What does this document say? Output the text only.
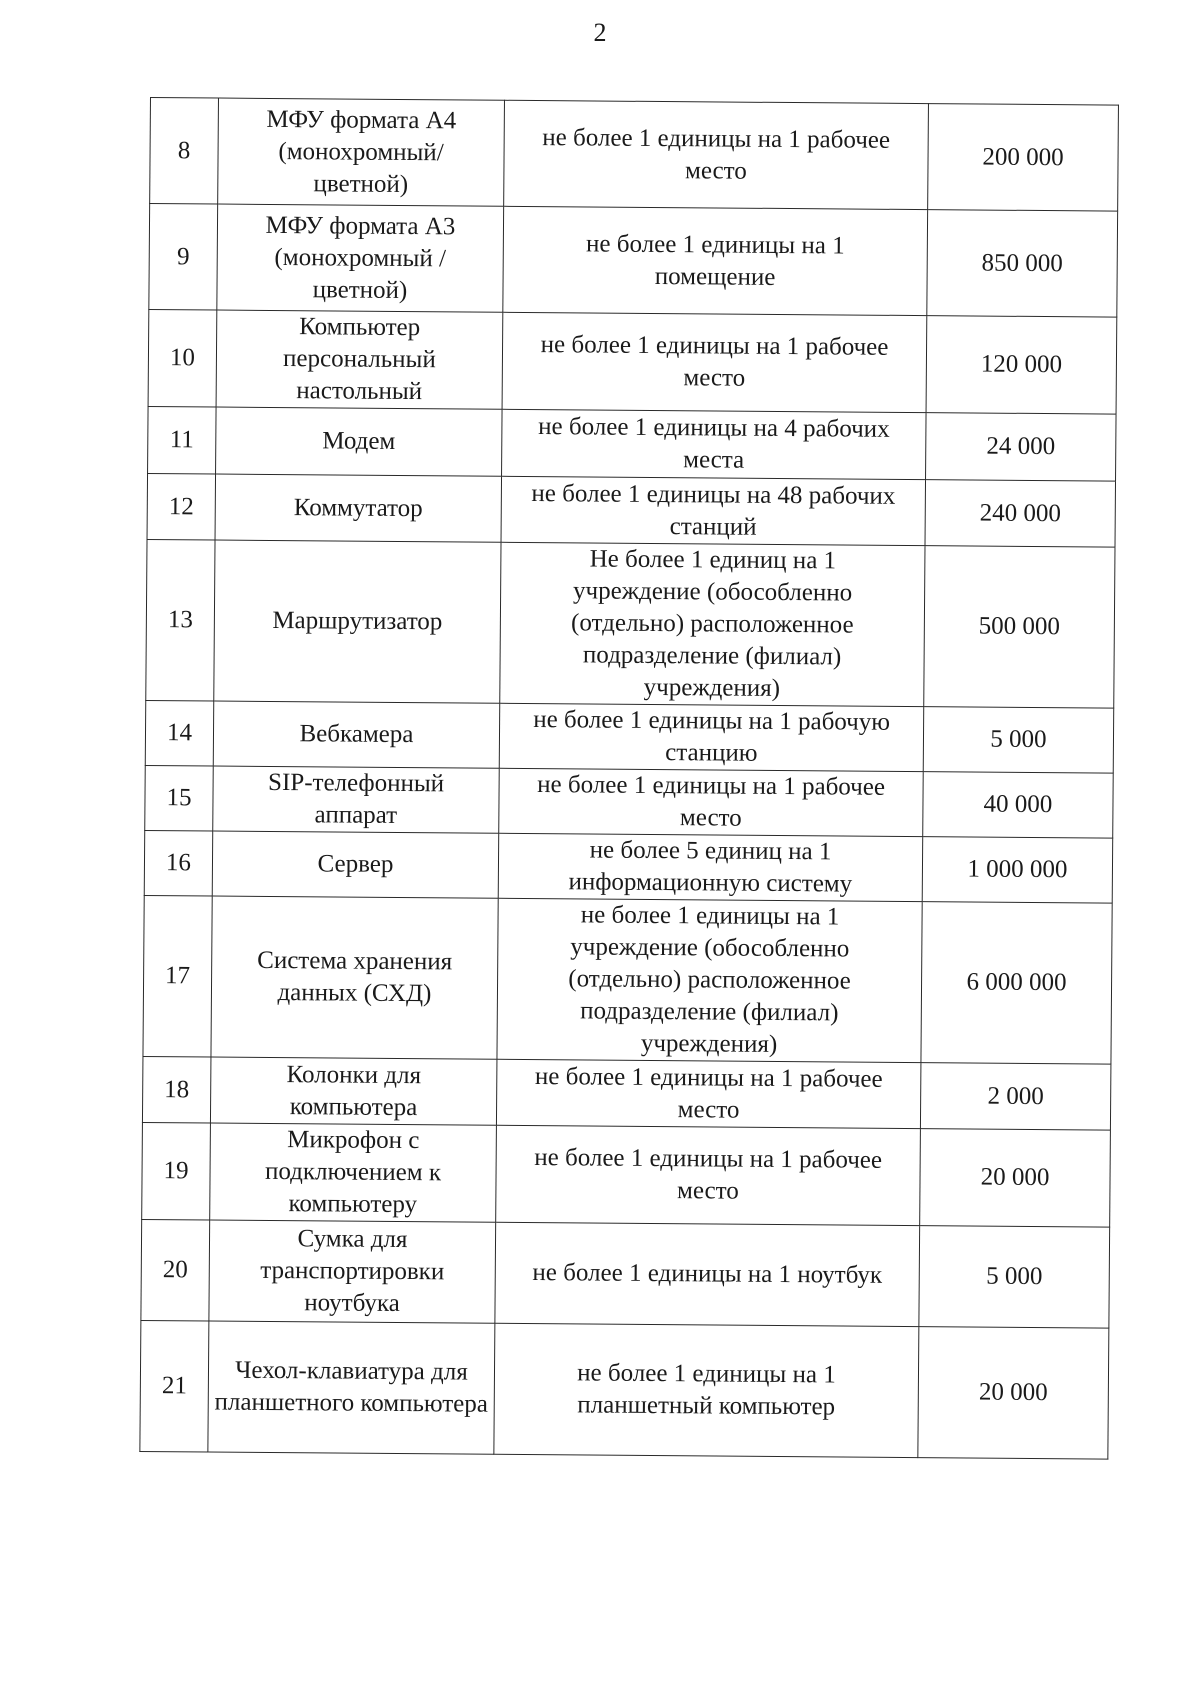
2
8	МФУ формата А4 (монохромный/ цветной)	не более 1 единицы на 1 рабочее место	200 000
9	МФУ формата А3 (монохромный /цветной)	не более 1 единицы на 1 помещение	850 000
10	Компьютер персональный настольный	не более 1 единицы на 1 рабочее место	120 000
11	Модем	не более 1 единицы на 4 рабочих места	24 000
12	Коммутатор	не более 1 единицы на 48 рабочих станций	240 000
13	Маршрутизатор	Не более 1 единиц на 1 учреждение (обособленно (отдельно) расположенное подразделение (филиал) учреждения)	500 000
14	Вебкамера	не более 1 единицы на 1 рабочую станцию	5 000
15	SIP-телефонный аппарат	не более 1 единицы на 1 рабочее место	40 000
16	Сервер	не более 5 единиц на 1 информационную систему	1 000 000
17	Система хранения данных (СХД)	не более 1 единицы на 1 учреждение (обособленно (отдельно) расположенное подразделение (филиал) учреждения)	6 000 000
18	Колонки для компьютера	не более 1 единицы на 1 рабочее место	2 000
19	Микрофон с подключением к компьютеру	не более 1 единицы на 1 рабочее место	20 000
20	Сумка для транспортировки ноутбука	не более 1 единицы на 1 ноутбук	5 000
21	Чехол-клавиатура для планшетного компьютера	не более 1 единицы на 1 планшетный компьютер	20 000
